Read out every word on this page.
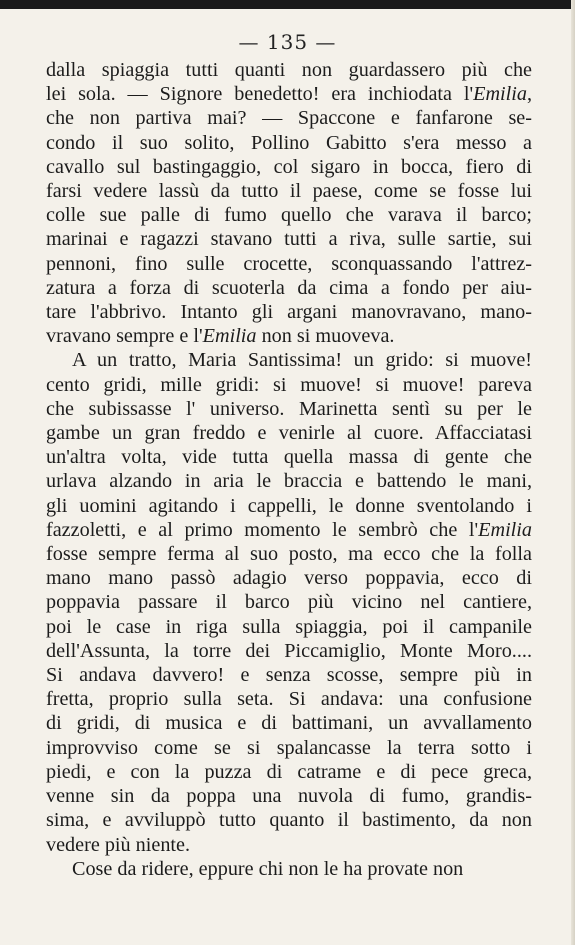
— 135 —
dalla spiaggia tutti quanti non guardassero più che
lei sola. — Signore benedetto! era inchiodata l'Emilia,
che non partiva mai? — Spaccone e fanfarone se-
condo il suo solito, Pollino Gabitto s'era messo a
cavallo sul bastingaggio, col sigaro in bocca, fiero di
farsi vedere lassù da tutto il paese, come se fosse lui
colle sue palle di fumo quello che varava il barco;
marinai e ragazzi stavano tutti a riva, sulle sartie, sui
pennoni, fino sulle crocette, sconquassando l'attrez-
zatura a forza di scuoterla da cima a fondo per aiu-
tare l'abbrivo. Intanto gli argani manovravano, mano-
vravano sempre e l'Emilia non si muoveva.
A un tratto, Maria Santissima! un grido: si muove!
cento gridi, mille gridi: si muove! si muove! pareva
che subissasse l' universo. Marinetta sentì su per le
gambe un gran freddo e venirle al cuore. Affacciatasi
un'altra volta, vide tutta quella massa di gente che
urlava alzando in aria le braccia e battendo le mani,
gli uomini agitando i cappelli, le donne sventolando i
fazzoletti, e al primo momento le sembrò che l'Emilia
fosse sempre ferma al suo posto, ma ecco che la folla
mano mano passò adagio verso poppavia, ecco di
poppavia passare il barco più vicino nel cantiere,
poi le case in riga sulla spiaggia, poi il campanile
dell'Assunta, la torre dei Piccamiglio, Monte Moro....
Si andava davvero! e senza scosse, sempre più in
fretta, proprio sulla seta. Si andava: una confusione
di gridi, di musica e di battimani, un avvallamento
improvviso come se si spalancasse la terra sotto i
piedi, e con la puzza di catrame e di pece greca,
venne sin da poppa una nuvola di fumo, grandis-
sima, e avviluppò tutto quanto il bastimento, da non
vedere più niente.
Cose da ridere, eppure chi non le ha provate non
